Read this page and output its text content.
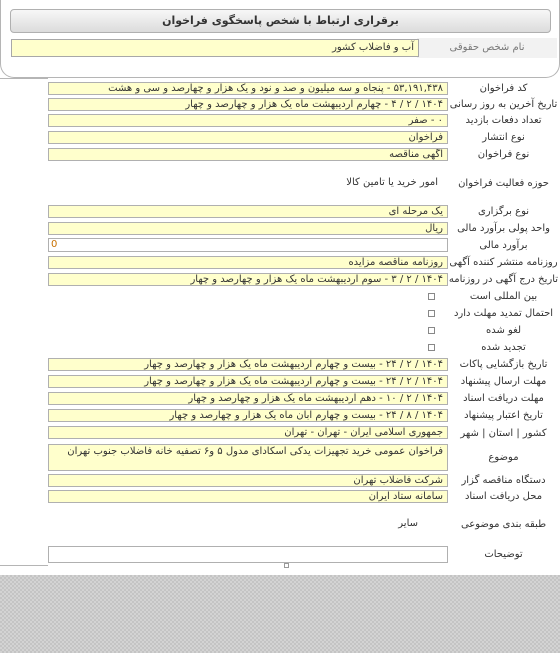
برقراری ارتباط با شخص پاسخگوی فراخوان
نام شخص حقوقی
آب و فاضلاب کشور
کد فراخوان
۵۳,۱۹۱,۴۳۸ - پنجاه و سه میلیون و صد و نود و یک هزار و چهارصد و سی و هشت
تاریخ آخرین به روز رسانی
۱۴۰۴ / ۲ / ۴ - چهارم اردیبهشت ماه یک هزار و چهارصد و چهار
تعداد دفعات بازدید
۰ - صفر
نوع انتشار
فراخوان
نوع فراخوان
آگهی مناقصه
حوزه فعالیت فراخوان
امور خرید یا تامین کالا
نوع برگزاری
یک مرحله ای
واحد پولی برآورد مالی
ریال
برآورد مالی
0
روزنامه منتشر کننده آگهی
روزنامه مناقصه مزایده
تاریخ درج آگهی در روزنامه
۱۴۰۴ / ۲ / ۳ - سوم اردیبهشت ماه یک هزار و چهارصد و چهار
بین المللی است
احتمال تمدید مهلت دارد
لغو شده
تجدید شده
تاریخ بازگشایی پاکات
۱۴۰۴ / ۲ / ۲۴ - بیست و چهارم اردیبهشت ماه یک هزار و چهارصد و چهار
مهلت ارسال پیشنهاد
۱۴۰۴ / ۲ / ۲۴ - بیست و چهارم اردیبهشت ماه یک هزار و چهارصد و چهار
مهلت دریافت اسناد
۱۴۰۴ / ۲ / ۱۰ - دهم اردیبهشت ماه یک هزار و چهارصد و چهار
تاریخ اعتبار پیشنهاد
۱۴۰۴ / ۸ / ۲۴ - بیست و چهارم آبان ماه یک هزار و چهارصد و چهار
کشور | استان | شهر
جمهوری اسلامی ایران - تهران - تهران
موضوع
فراخوان عمومی خرید تجهیزات یدکی اسکادای مدول ۵ و۶ تصفیه خانه فاضلاب جنوب تهران
دستگاه مناقصه گزار
شرکت فاضلاب تهران
محل دریافت اسناد
سامانه ستاد ایران
طبقه بندی موضوعی
سایر
توضیحات
